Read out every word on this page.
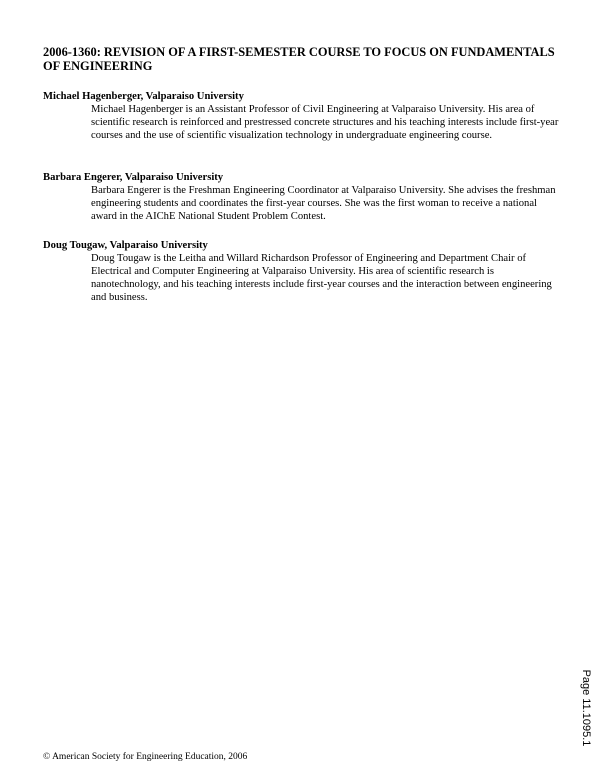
2006-1360: REVISION OF A FIRST-SEMESTER COURSE TO FOCUS ON FUNDAMENTALS OF ENGINEERING

Michael Hagenberger, Valparaiso University

Michael Hagenberger is an Assistant Professor of Civil Engineering at Valparaiso University. His area of scientific research is reinforced and prestressed concrete structures and his teaching interests include first-year courses and the use of scientific visualization technology in undergraduate engineering course.

Barbara Engerer, Valparaiso University

Barbara Engerer is the Freshman Engineering Coordinator at Valparaiso University. She advises the freshman engineering students and coordinates the first-year courses. She was the first woman to receive a national award in the AIChE National Student Problem Contest.

Doug Tougaw, Valparaiso University

Doug Tougaw is the Leitha and Willard Richardson Professor of Engineering and Department Chair of Electrical and Computer Engineering at Valparaiso University. His area of scientific research is nanotechnology, and his teaching interests include first-year courses and the interaction between engineering and business.

© American Society for Engineering Education, 2006

Page 11.1095.1
